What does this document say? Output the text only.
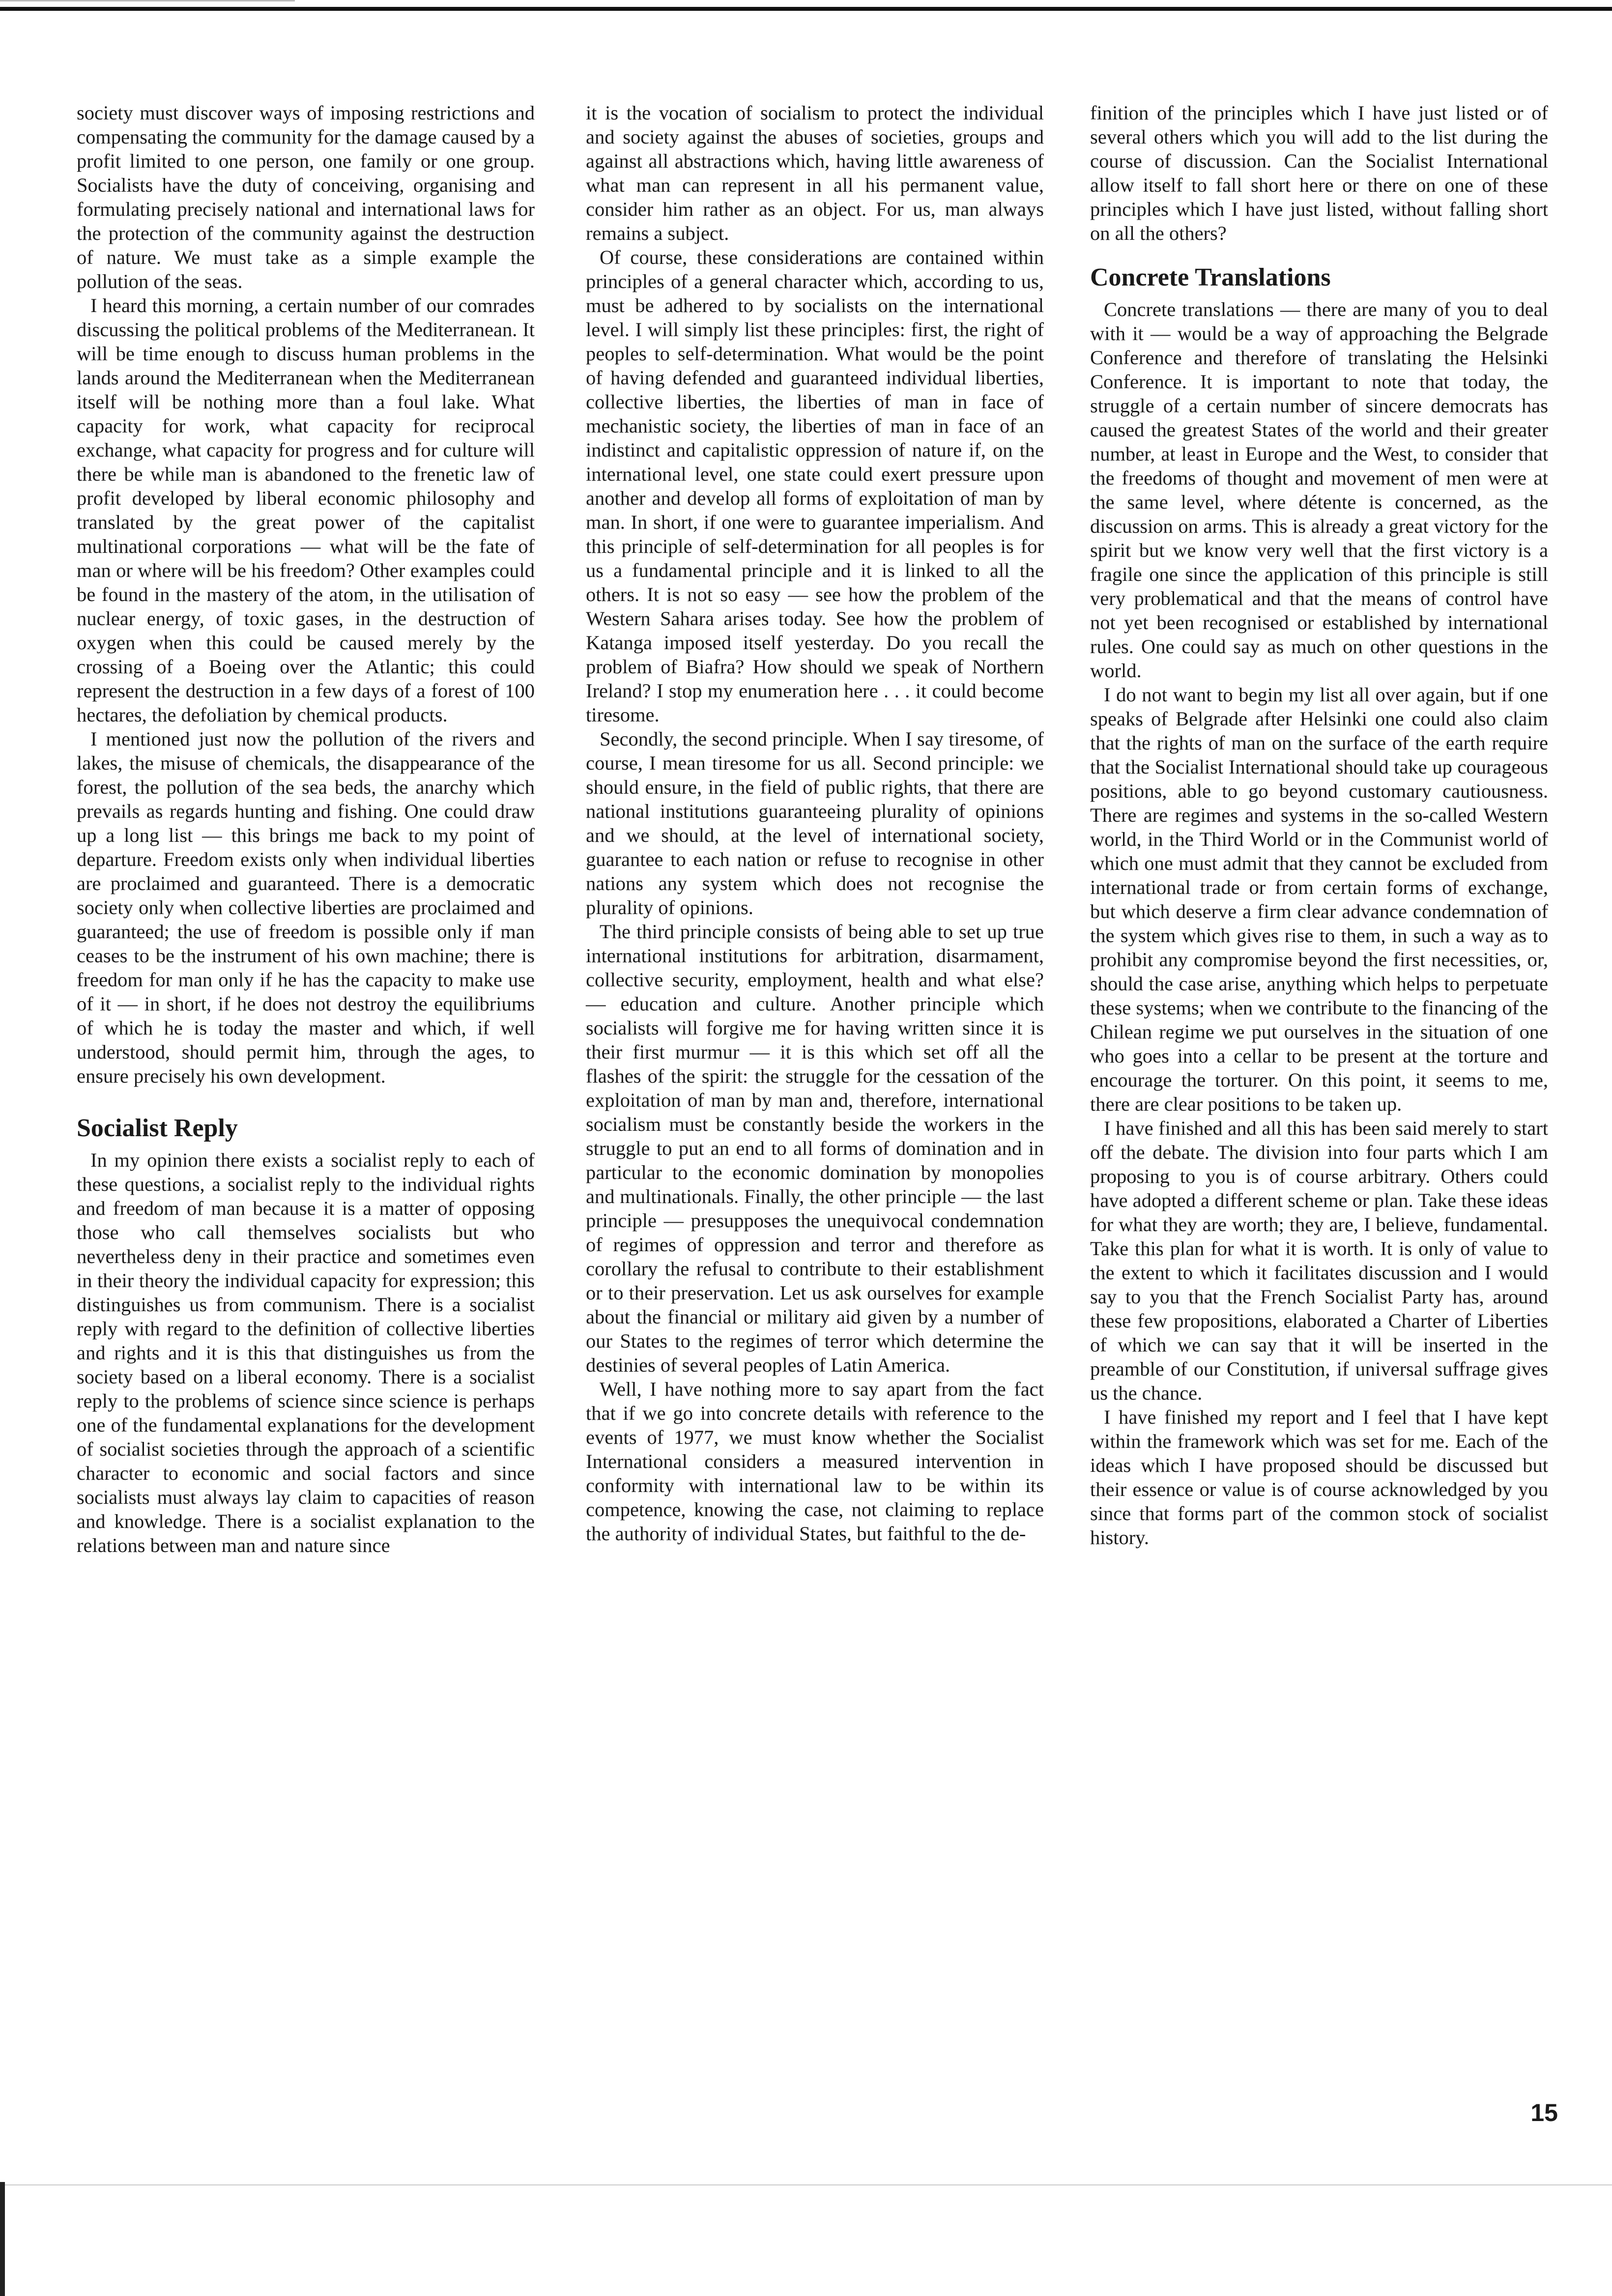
society must discover ways of imposing restrictions and compensating the community for the damage caused by a profit limited to one person, one family or one group. Socialists have the duty of conceiving, organising and formulating precisely national and international laws for the protection of the community against the destruction of nature. We must take as a simple example the pollution of the seas.

I heard this morning, a certain number of our comrades discussing the political problems of the Mediterranean. It will be time enough to discuss human problems in the lands around the Mediterranean when the Mediterranean itself will be nothing more than a foul lake. What capacity for work, what capacity for reciprocal exchange, what capacity for progress and for culture will there be while man is abandoned to the frenetic law of profit developed by liberal economic philosophy and translated by the great power of the capitalist multinational corporations — what will be the fate of man or where will be his freedom? Other examples could be found in the mastery of the atom, in the utilisation of nuclear energy, of toxic gases, in the destruction of oxygen when this could be caused merely by the crossing of a Boeing over the Atlantic; this could represent the destruction in a few days of a forest of 100 hectares, the defoliation by chemical products.

I mentioned just now the pollution of the rivers and lakes, the misuse of chemicals, the disappearance of the forest, the pollution of the sea beds, the anarchy which prevails as regards hunting and fishing. One could draw up a long list — this brings me back to my point of departure. Freedom exists only when individual liberties are proclaimed and guaranteed. There is a democratic society only when collective liberties are proclaimed and guaranteed; the use of freedom is possible only if man ceases to be the instrument of his own machine; there is freedom for man only if he has the capacity to make use of it — in short, if he does not destroy the equilibriums of which he is today the master and which, if well understood, should permit him, through the ages, to ensure precisely his own development.

Socialist Reply

In my opinion there exists a socialist reply to each of these questions, a socialist reply to the individual rights and freedom of man because it is a matter of opposing those who call themselves socialists but who nevertheless deny in their practice and sometimes even in their theory the individual capacity for expression; this distinguishes us from communism. There is a socialist reply with regard to the definition of collective liberties and rights and it is this that distinguishes us from the society based on a liberal economy. There is a socialist reply to the problems of science since science is perhaps one of the fundamental explanations for the development of socialist societies through the approach of a scientific character to economic and social factors and since socialists must always lay claim to capacities of reason and knowledge. There is a socialist explanation to the relations between man and nature since

it is the vocation of socialism to protect the individual and society against the abuses of societies, groups and against all abstractions which, having little awareness of what man can represent in all his permanent value, consider him rather as an object. For us, man always remains a subject.

Of course, these considerations are contained within principles of a general character which, according to us, must be adhered to by socialists on the international level. I will simply list these principles: first, the right of peoples to self-determination. What would be the point of having defended and guaranteed individual liberties, collective liberties, the liberties of man in face of mechanistic society, the liberties of man in face of an indistinct and capitalistic oppression of nature if, on the international level, one state could exert pressure upon another and develop all forms of exploitation of man by man. In short, if one were to guarantee imperialism. And this principle of self-determination for all peoples is for us a fundamental principle and it is linked to all the others. It is not so easy — see how the problem of the Western Sahara arises today. See how the problem of Katanga imposed itself yesterday. Do you recall the problem of Biafra? How should we speak of Northern Ireland? I stop my enumeration here . . . it could become tiresome.

Secondly, the second principle. When I say tiresome, of course, I mean tiresome for us all. Second principle: we should ensure, in the field of public rights, that there are national institutions guaranteeing plurality of opinions and we should, at the level of international society, guarantee to each nation or refuse to recognise in other nations any system which does not recognise the plurality of opinions.

The third principle consists of being able to set up true international institutions for arbitration, disarmament, collective security, employment, health and what else? — education and culture. Another principle which socialists will forgive me for having written since it is their first murmur — it is this which set off all the flashes of the spirit: the struggle for the cessation of the exploitation of man by man and, therefore, international socialism must be constantly beside the workers in the struggle to put an end to all forms of domination and in particular to the economic domination by monopolies and multinationals. Finally, the other principle — the last principle — presupposes the unequivocal condemnation of regimes of oppression and terror and therefore as corollary the refusal to contribute to their establishment or to their preservation. Let us ask ourselves for example about the financial or military aid given by a number of our States to the regimes of terror which determine the destinies of several peoples of Latin America.

Well, I have nothing more to say apart from the fact that if we go into concrete details with reference to the events of 1977, we must know whether the Socialist International considers a measured intervention in conformity with international law to be within its competence, knowing the case, not claiming to replace the authority of individual States, but faithful to the de-

finition of the principles which I have just listed or of several others which you will add to the list during the course of discussion. Can the Socialist International allow itself to fall short here or there on one of these principles which I have just listed, without falling short on all the others?

Concrete Translations

Concrete translations — there are many of you to deal with it — would be a way of approaching the Belgrade Conference and therefore of translating the Helsinki Conference. It is important to note that today, the struggle of a certain number of sincere democrats has caused the greatest States of the world and their greater number, at least in Europe and the West, to consider that the freedoms of thought and movement of men were at the same level, where détente is concerned, as the discussion on arms. This is already a great victory for the spirit but we know very well that the first victory is a fragile one since the application of this principle is still very problematical and that the means of control have not yet been recognised or established by international rules. One could say as much on other questions in the world.

I do not want to begin my list all over again, but if one speaks of Belgrade after Helsinki one could also claim that the rights of man on the surface of the earth require that the Socialist International should take up courageous positions, able to go beyond customary cautiousness. There are regimes and systems in the so-called Western world, in the Third World or in the Communist world of which one must admit that they cannot be excluded from international trade or from certain forms of exchange, but which deserve a firm clear advance condemnation of the system which gives rise to them, in such a way as to prohibit any compromise beyond the first necessities, or, should the case arise, anything which helps to perpetuate these systems; when we contribute to the financing of the Chilean regime we put ourselves in the situation of one who goes into a cellar to be present at the torture and encourage the torturer. On this point, it seems to me, there are clear positions to be taken up.

I have finished and all this has been said merely to start off the debate. The division into four parts which I am proposing to you is of course arbitrary. Others could have adopted a different scheme or plan. Take these ideas for what they are worth; they are, I believe, fundamental. Take this plan for what it is worth. It is only of value to the extent to which it facilitates discussion and I would say to you that the French Socialist Party has, around these few propositions, elaborated a Charter of Liberties of which we can say that it will be inserted in the preamble of our Constitution, if universal suffrage gives us the chance.

I have finished my report and I feel that I have kept within the framework which was set for me. Each of the ideas which I have proposed should be discussed but their essence or value is of course acknowledged by you since that forms part of the common stock of socialist history.

15
